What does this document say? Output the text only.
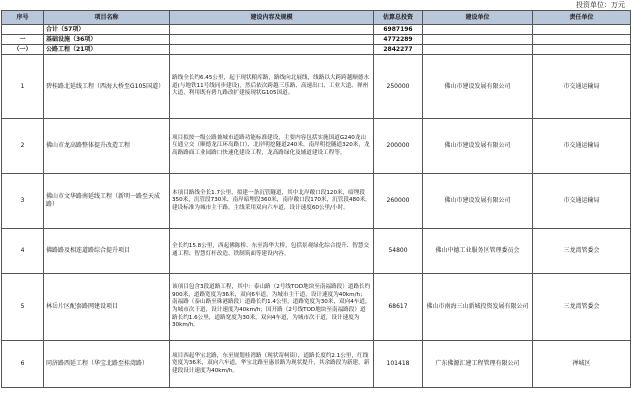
投资单位：万元
序号	项目名称	建设内容及规模	估算总投资	建设单位	责任单位
	合计（57项）		6987196		
一	基础设施（36项）		4772289		
（一）	公路工程（21项）		2842277		
1	碧桂路北延线工程（西海大桥至G105国道）	路线全长约6.45公里，起于现状粮库路，路线向北展线，线路以大跨跨越顺德水道(与地铁11号线同步建设)，然后依次跨越三乐路、高速出口、工业大道、禅州大道，利用既有碧九路改扩建接现状G105国道。	250000	佛山市建设发展有限公司	市交通运输局
2	佛山市龙高路整体提升改造工程	项目拟按一级公路兼城市道路功能标准建设，主要内容包括实施国道G240龙山互通立交（顺德龙江环岛路口）、北岸明挖隧道240米，南岸明挖隧道320米，龙高路路面工业园路口快速化建设工程，龙高路绿化及辅道建设工程等。	200000	佛山市建设发展有限公司	市交通运输局
3	佛山市文华路南延线工程（新明一路至天成路）	本项目路线全长1.7公里，拟建一条沉管隧道，其中北岸敞口段120米，暗埋段350米，沉管段730米，南岸暗埋段360米，南岸敞口段170米，沉管段480米。建设标准为城市主干路，主线采用双向六车道，设计速度60公里/小时。	260000	佛山市建设发展有限公司	市交通运输局
4	佛路路及相连道路综合提升项目	全长约15.8公里，西起佛陈桥、东至海华大桥，包括景观绿化综合提升、智慧交通工程、智慧灯杆改造、铁制筑面等建设内容。	54800	佛山中德工业服务区管理委员会	三龙湾管委会
5	林岳片区配套路网建设项目	该项目包含3段道路工程，其中：泰山路（2号线TOD地块至南福路段）道路长约900米，道路宽度为36米，双向6车道，为城市主干道，设计速度为40km/h；南福路（泰山路至珠港路段）道路长约1.4公里，道路宽度为30米，双向4车道，为城市次干道，设计速度为40km/h；国开路（2号线TOD地块至南福路段）道路长约1.6公里，道路宽度为30米，双向4车道，为城市次干道，设计速度为30km/h。	68617	佛山市南海三山新城投资发展有限公司	三龙湾管委会
6	同济路西延工程（华宝北路至桂湾路）	项目西起华宝北路，东至规划桂湾路（现状寄柯街），道路长度约2.1公里，红线宽度为36米，双向六车道，华宝北路至惠景路为现状提升，其余路段为新建，新建段设计速度为40km/h。	101418	广东佛源汇建工程管理有限公司	禅城区
